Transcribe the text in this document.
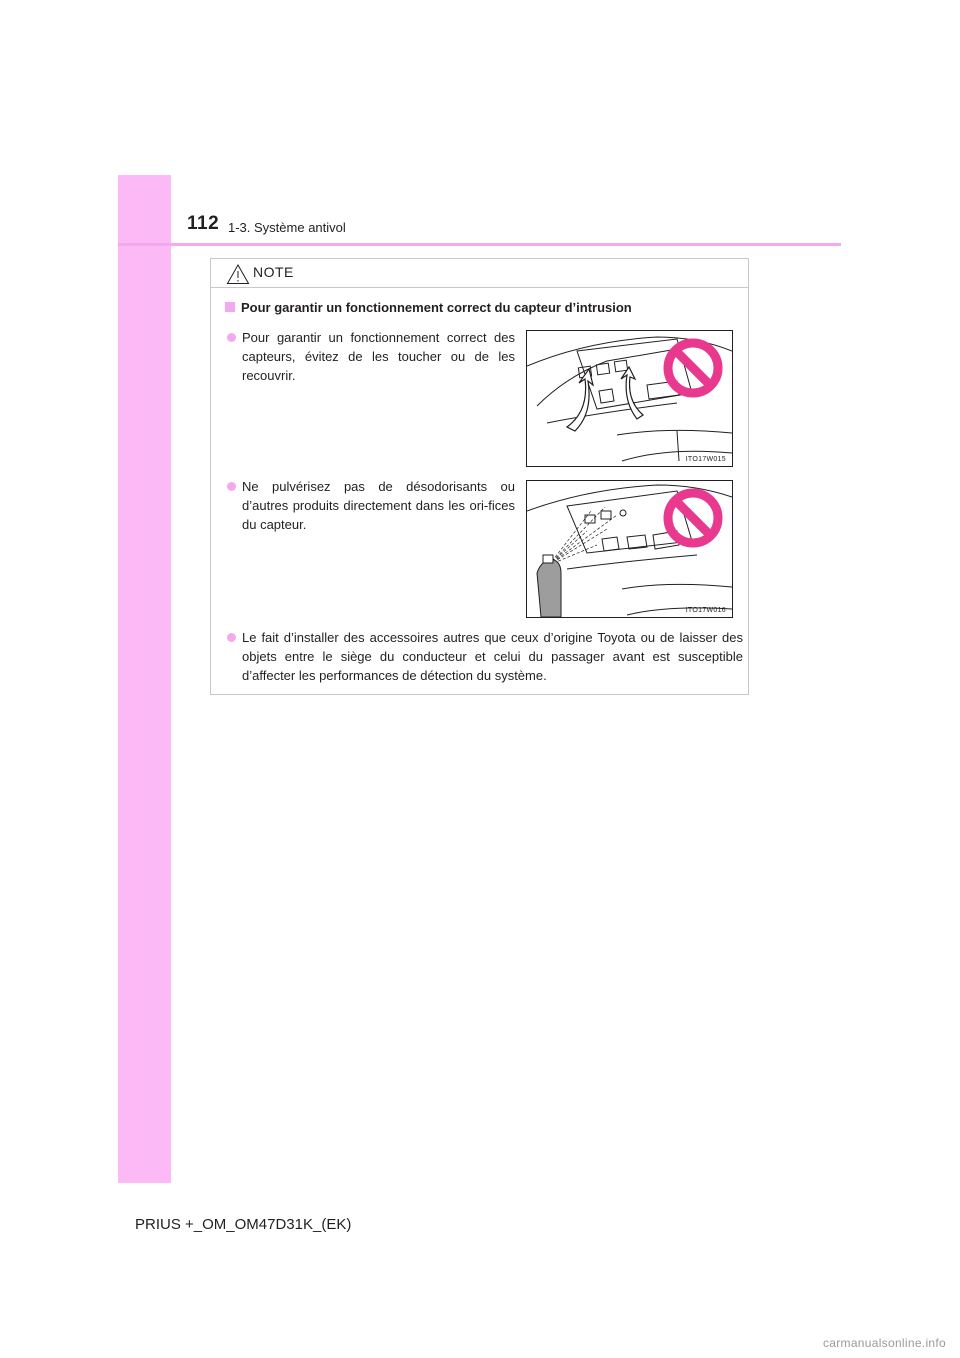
112 1-3. Système antivol
NOTE
Pour garantir un fonctionnement correct du capteur d’intrusion
Pour garantir un fonctionnement correct des capteurs, évitez de les toucher ou de les recouvrir.
Ne pulvérisez pas de désodorisants ou d’autres produits directement dans les ori-fices du capteur.
Le fait d’installer des accessoires autres que ceux d’origine Toyota ou de laisser des objets entre le siège du conducteur et celui du passager avant est susceptible d’affecter les performances de détection du système.
ITO17W015
ITO17W016
PRIUS +_OM_OM47D31K_(EK)
carmanualsonline.info
